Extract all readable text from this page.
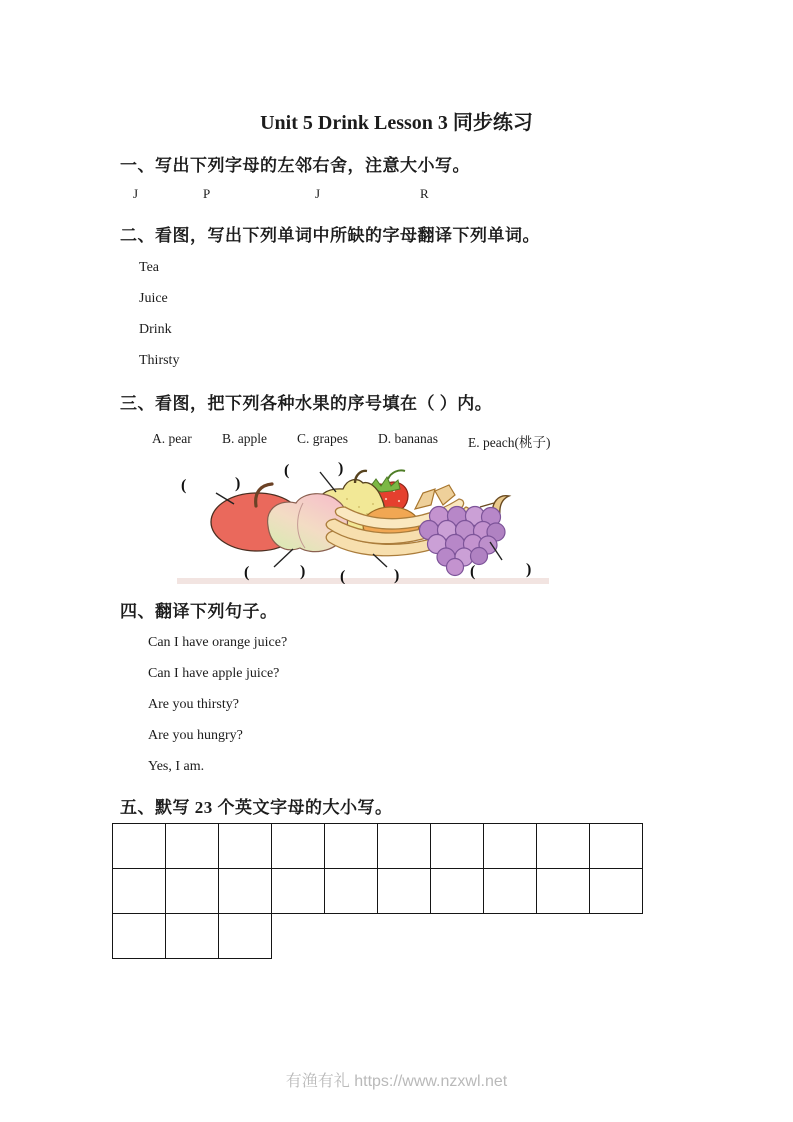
Unit 5 Drink Lesson 3 同步练习
一、写出下列字母的左邻右舍，注意大小写。
J	P	J	R
二、看图，写出下列单词中所缺的字母翻译下列单词。
Tea
Juice
Drink
Thirsty
三、看图，把下列各种水果的序号填在（ ）内。
A. pear B. apple C. grapes D. bananas E. peach(桃子)
(	)
(	)
(	) (	)	(	)
四、翻译下列句子。
Can I have orange juice?
Can I have apple juice?
Are you thirsty?
Are you hungry?
Yes, I am.
五、默写 23 个英文字母的大小写。
有渔有礼 https://www.nzxwl.net
